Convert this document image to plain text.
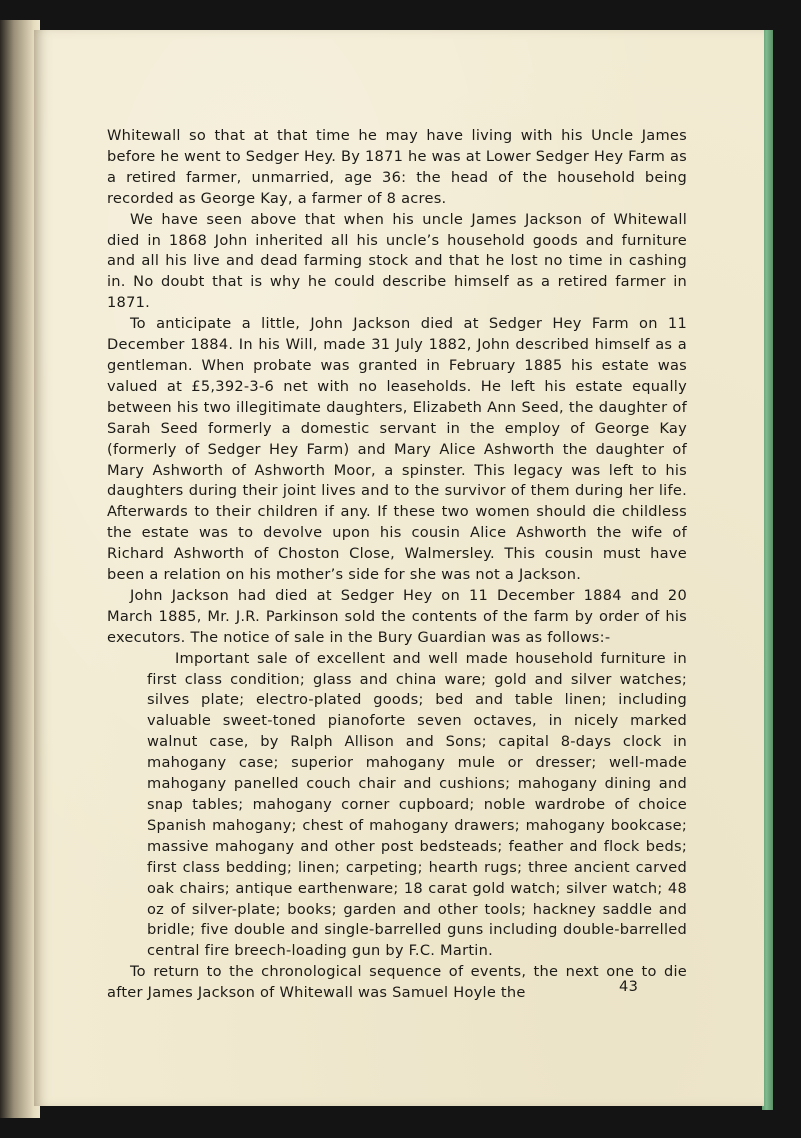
Whitewall so that at that time he may have living with his Uncle James before he went to Sedger Hey. By 1871 he was at Lower Sedger Hey Farm as a retired farmer, unmarried, age 36: the head of the household being recorded as George Kay, a farmer of 8 acres.

We have seen above that when his uncle James Jackson of Whitewall died in 1868 John inherited all his uncle’s household goods and furniture and all his live and dead farming stock and that he lost no time in cashing in. No doubt that is why he could describe himself as a retired farmer in 1871.

To anticipate a little, John Jackson died at Sedger Hey Farm on 11 December 1884. In his Will, made 31 July 1882, John described himself as a gentleman. When probate was granted in February 1885 his estate was valued at £5,392-3-6 net with no leaseholds. He left his estate equally between his two illegitimate daughters, Elizabeth Ann Seed, the daughter of Sarah Seed formerly a domestic servant in the employ of George Kay (formerly of Sedger Hey Farm) and Mary Alice Ashworth the daughter of Mary Ashworth of Ashworth Moor, a spinster. This legacy was left to his daughters during their joint lives and to the survivor of them during her life. Afterwards to their children if any. If these two women should die childless the estate was to devolve upon his cousin Alice Ashworth the wife of Richard Ashworth of Choston Close, Walmersley. This cousin must have been a relation on his mother’s side for she was not a Jackson.

John Jackson had died at Sedger Hey on 11 December 1884 and 20 March 1885, Mr. J.R. Parkinson sold the contents of the farm by order of his executors. The notice of sale in the Bury Guardian was as follows:-

Important sale of excellent and well made household furniture in first class condition; glass and china ware; gold and silver watches; silves plate; electro-plated goods; bed and table linen; including valuable sweet-toned pianoforte seven octaves, in nicely marked walnut case, by Ralph Allison and Sons; capital 8-days clock in mahogany case; superior mahogany mule or dresser; well-made mahogany panelled couch chair and cushions; mahogany dining and snap tables; mahogany corner cupboard; noble wardrobe of choice Spanish mahogany; chest of mahogany drawers; mahogany bookcase; massive mahogany and other post bedsteads; feather and flock beds; first class bedding; linen; carpeting; hearth rugs; three ancient carved oak chairs; antique earthenware; 18 carat gold watch; silver watch; 48 oz of silver-plate; books; garden and other tools; hackney saddle and bridle; five double and single-barrelled guns including double-barrelled central fire breech-loading gun by F.C. Martin.

To return to the chronological sequence of events, the next one to die after James Jackson of Whitewall was Samuel Hoyle the	43
